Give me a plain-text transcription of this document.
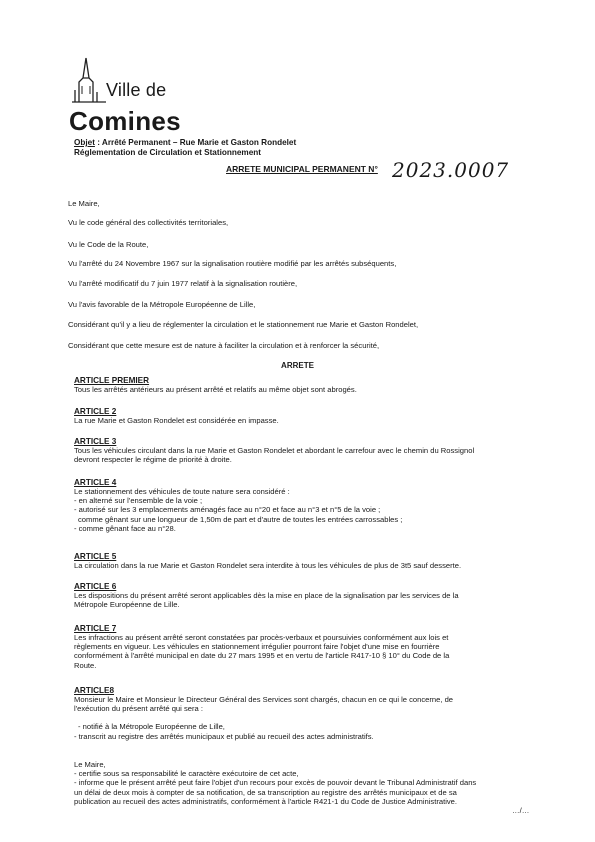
Ville de
Comines
Objet : Arrêté Permanent – Rue Marie et Gaston Rondelet
Réglementation de Circulation et Stationnement
ARRETE MUNICIPAL PERMANENT N° 2023.0007
Le Maire,
Vu le code général des collectivités territoriales,
Vu le Code de la Route,
Vu l'arrêté du 24 Novembre 1967 sur la signalisation routière modifié par les arrêtés subséquents,
Vu l'arrêté modificatif du 7 juin 1977 relatif à la signalisation routière,
Vu l'avis favorable de la Métropole Européenne de Lille,
Considérant qu'il y a lieu de réglementer la circulation et le stationnement rue Marie et Gaston Rondelet,
Considérant que cette mesure est de nature à faciliter la circulation et à renforcer la sécurité,
ARRETE
ARTICLE PREMIER
Tous les arrêtés antérieurs au présent arrêté et relatifs au même objet sont abrogés.
ARTICLE 2
La rue Marie et Gaston Rondelet est considérée en impasse.
ARTICLE 3
Tous les véhicules circulant dans la rue Marie et Gaston Rondelet et abordant le carrefour avec le chemin du Rossignol
devront respecter le régime de priorité à droite.
ARTICLE 4
Le stationnement des véhicules de toute nature sera considéré :
- en alterné sur l'ensemble de la voie ;
- autorisé sur les 3 emplacements aménagés face au n°20 et face au n°3 et n°5 de la voie ;
comme gênant sur une longueur de 1,50m de part et d'autre de toutes les entrées carrossables ;
- comme gênant face au n°28.
ARTICLE 5
La circulation dans la rue Marie et Gaston Rondelet sera interdite à tous les véhicules de plus de 3t5 sauf desserte.
ARTICLE 6
Les dispositions du présent arrêté seront applicables dès la mise en place de la signalisation par les services de la
Métropole Européenne de Lille.
ARTICLE 7
Les infractions au présent arrêté seront constatées par procès-verbaux et poursuivies conformément aux lois et
règlements en vigueur. Les véhicules en stationnement irrégulier pourront faire l'objet d'une mise en fourrière
conformément à l'arrêté municipal en date du 27 mars 1995 et en vertu de l'article R417-10 § 10° du Code de la
Route.
ARTICLE8
Monsieur le Maire et Monsieur le Directeur Général des Services sont chargés, chacun en ce qui le concerne, de
l'exécution du présent arrêté qui sera :
- notifié à la Métropole Européenne de Lille,
- transcrit au registre des arrêtés municipaux et publié au recueil des actes administratifs.
Le Maire,
- certifie sous sa responsabilité le caractère exécutoire de cet acte,
- informe que le présent arrêté peut faire l'objet d'un recours pour excès de pouvoir devant le Tribunal Administratif dans
un délai de deux mois à compter de sa notification, de sa transcription au registre des arrêtés municipaux et de sa
publication au recueil des actes administratifs, conformément à l'article R421-1 du Code de Justice Administrative.
…/…
